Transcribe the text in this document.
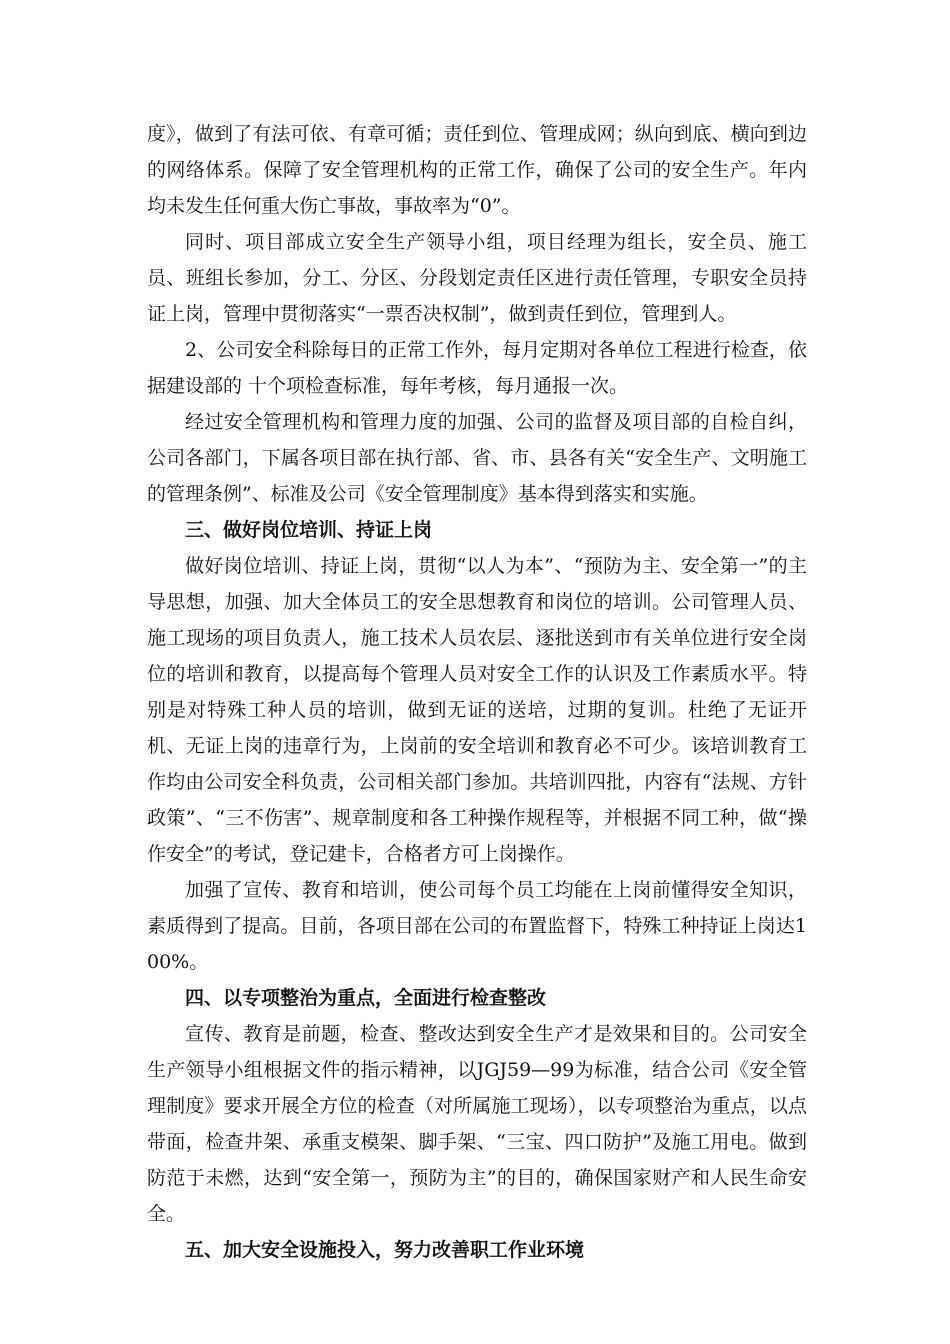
度》，做到了有法可依、有章可循；责任到位、管理成网；纵向到底、横向到边的网络体系。保障了安全管理机构的正常工作，确保了公司的安全生产。年内均未发生任何重大伤亡事故，事故率为“0”。

同时、项目部成立安全生产领导小组，项目经理为组长，安全员、施工员、班组长参加，分工、分区、分段划定责任区进行责任管理，专职安全员持证上岗，管理中贯彻落实“一票否决权制”，做到责任到位，管理到人。

2、公司安全科除每日的正常工作外，每月定期对各单位工程进行检查，依据建设部的 十个项检查标准，每年考核，每月通报一次。

经过安全管理机构和管理力度的加强、公司的监督及项目部的自检自纠，公司各部门，下属各项目部在执行部、省、市、县各有关“安全生产、文明施工的管理条例”、标准及公司《安全管理制度》基本得到落实和实施。

三、做好岗位培训、持证上岗

做好岗位培训、持证上岗，贯彻“以人为本”、“预防为主、安全第一”的主导思想，加强、加大全体员工的安全思想教育和岗位的培训。公司管理人员、施工现场的项目负责人，施工技术人员农层、逐批送到市有关单位进行安全岗位的培训和教育，以提高每个管理人员对安全工作的认识及工作素质水平。特别是对特殊工种人员的培训，做到无证的送培，过期的复训。杜绝了无证开机、无证上岗的违章行为，上岗前的安全培训和教育必不可少。该培训教育工作均由公司安全科负责，公司相关部门参加。共培训四批，内容有“法规、方针政策”、“三不伤害”、规章制度和各工种操作规程等，并根据不同工种，做“操作安全”的考试，登记建卡，合格者方可上岗操作。

加强了宣传、教育和培训，使公司每个员工均能在上岗前懂得安全知识，素质得到了提高。目前，各项目部在公司的布置监督下，特殊工种持证上岗达100%。

四、以专项整治为重点，全面进行检查整改

宣传、教育是前题，检查、整改达到安全生产才是效果和目的。公司安全生产领导小组根据文件的指示精神，以JGJ59—99为标准，结合公司《安全管理制度》要求开展全方位的检查（对所属施工现场），以专项整治为重点，以点带面，检查井架、承重支模架、脚手架、“三宝、四口防护”及施工用电。做到防范于未燃，达到“安全第一，预防为主”的目的，确保国家财产和人民生命安全。

五、加大安全设施投入，努力改善职工作业环境
